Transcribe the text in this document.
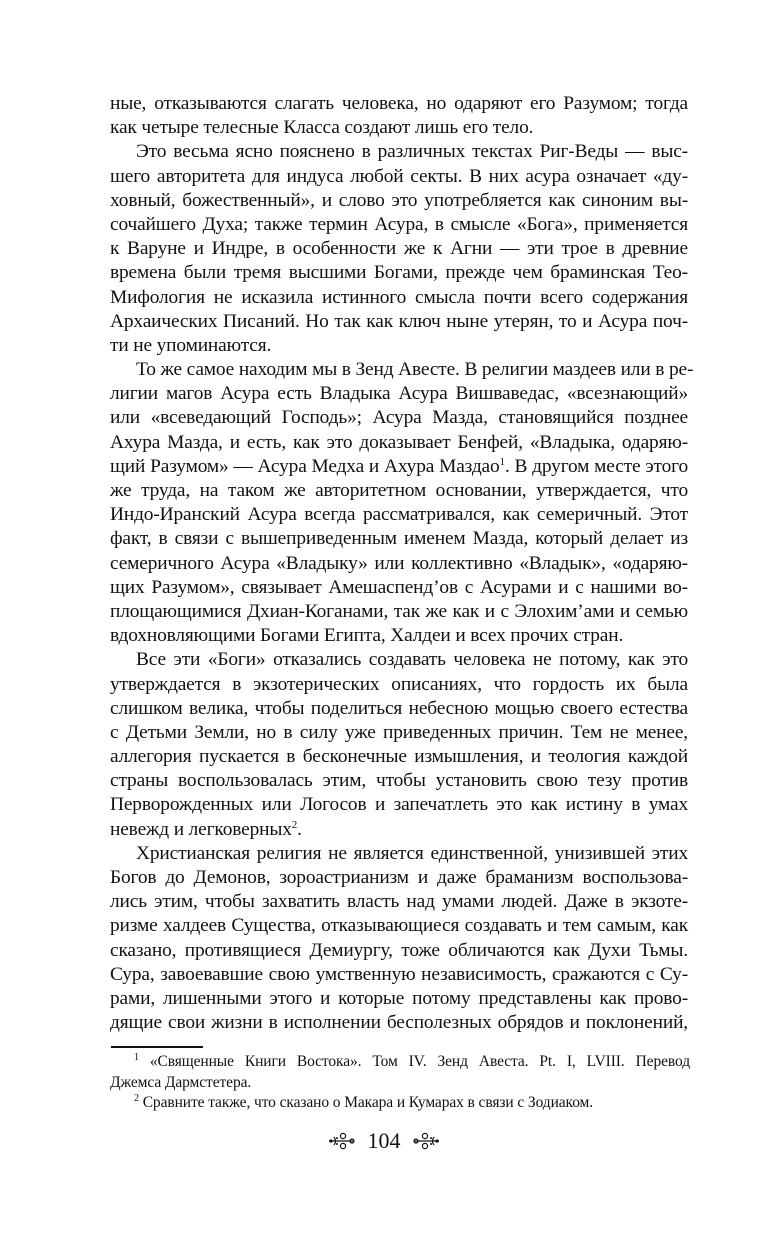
ные, отказываются слагать человека, но одаряют его Разумом; тогда
как четыре телесные Класса создают лишь его тело.
Это весьма ясно пояснено в различных текстах Риг-Веды — выс-
шего авторитета для индуса любой секты. В них асура означает «ду-
ховный, божественный», и слово это употребляется как синоним вы-
сочайшего Духа; также термин Асура, в смысле «Бога», применяется
к Варуне и Индре, в особенности же к Агни — эти трое в древние
времена были тремя высшими Богами, прежде чем браминская Тео-
Мифология не исказила истинного смысла почти всего содержания
Архаических Писаний. Но так как ключ ныне утерян, то и Асура поч-
ти не упоминаются.
То же самое находим мы в Зенд Авесте. В религии маздеев или в ре-
лигии магов Асура есть Владыка Асура Вишваведас, «всезнающий»
или «всеведающий Господь»; Асура Мазда, становящийся позднее
Ахура Мазда, и есть, как это доказывает Бенфей, «Владыка, одаряю-
щий Разумом» — Асура Медха и Ахура Маздао$^1$. В другом месте этого
же труда, на таком же авторитетном основании, утверждается, что
Индо-Иранский Асура всегда рассматривался, как семеричный. Этот
факт, в связи с вышеприведенным именем Мазда, который делает из
семеричного Асура «Владыку» или коллективно «Владык», «одаряю-
щих Разумом», связывает Амешаспенд’ов с Асурами и с нашими во-
площающимися Дхиан-Коганами, так же как и с Элохим’ами и семью
вдохновляющими Богами Египта, Халдеи и всех прочих стран.
Все эти «Боги» отказались создавать человека не потому, как это
утверждается в экзотерических описаниях, что гордость их была
слишком велика, чтобы поделиться небесною мощью своего естества
с Детьми Земли, но в силу уже приведенных причин. Тем не менее,
аллегория пускается в бесконечные измышления, и теология каждой
страны воспользовалась этим, чтобы установить свою тезу против
Перворожденных или Логосов и запечатлеть это как истину в умах
невежд и легковерных$^2$.
Христианская религия не является единственной, унизившей этих
Богов до Демонов, зороастрианизм и даже браманизм воспользова-
лись этим, чтобы захватить власть над умами людей. Даже в экзоте-
ризме халдеев Существа, отказывающиеся создавать и тем самым, как
сказано, противящиеся Демиургу, тоже обличаются как Духи Тьмы.
Сура, завоевавшие свою умственную независимость, сражаются с Су-
рами, лишенными этого и которые потому представлены как прово-
дящие свои жизни в исполнении бесполезных обрядов и поклонений,
$^1$ «Священные Книги Востока». Том IV. Зенд Авеста. Pt. I, LVIII. Перевод
Джемса Дармстетера.
$^2$ Сравните также, что сказано о Макара и Кумарах в связи с Зодиаком.
104
